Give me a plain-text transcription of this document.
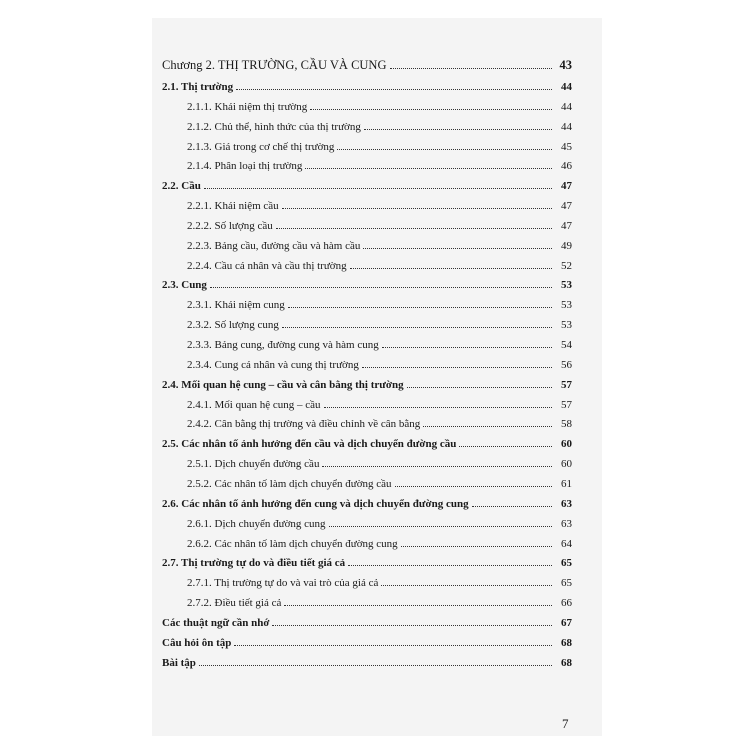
Chương 2. THỊ TRƯỜNG, CẦU VÀ CUNG	43
2.1. Thị trường	44
2.1.1. Khái niệm thị trường	44
2.1.2. Chủ thể, hình thức của thị trường	44
2.1.3. Giá trong cơ chế thị trường	45
2.1.4. Phân loại thị trường	46
2.2. Cầu	47
2.2.1. Khái niệm cầu	47
2.2.2. Số lượng cầu	47
2.2.3. Bảng cầu, đường cầu và hàm cầu	49
2.2.4. Cầu cá nhân và cầu thị trường	52
2.3. Cung	53
2.3.1. Khái niệm cung	53
2.3.2. Số lượng cung	53
2.3.3. Bảng cung, đường cung và hàm cung	54
2.3.4. Cung cá nhân và cung thị trường	56
2.4. Mối quan hệ cung – cầu và cân bằng thị trường	57
2.4.1. Mối quan hệ cung – cầu	57
2.4.2. Cân bằng thị trường và điều chỉnh về cân bằng	58
2.5. Các nhân tố ảnh hưởng đến cầu và dịch chuyển đường cầu	60
2.5.1. Dịch chuyển đường cầu	60
2.5.2. Các nhân tố làm dịch chuyển đường cầu	61
2.6. Các nhân tố ảnh hưởng đến cung và dịch chuyển đường cung	63
2.6.1. Dịch chuyển đường cung	63
2.6.2. Các nhân tố làm dịch chuyển đường cung	64
2.7. Thị trường tự do và điều tiết giá cả	65
2.7.1. Thị trường tự do và vai trò của giá cả	65
2.7.2. Điều tiết giá cả	66
Các thuật ngữ cần nhớ	67
Câu hỏi ôn tập	68
Bài tập	68
7
